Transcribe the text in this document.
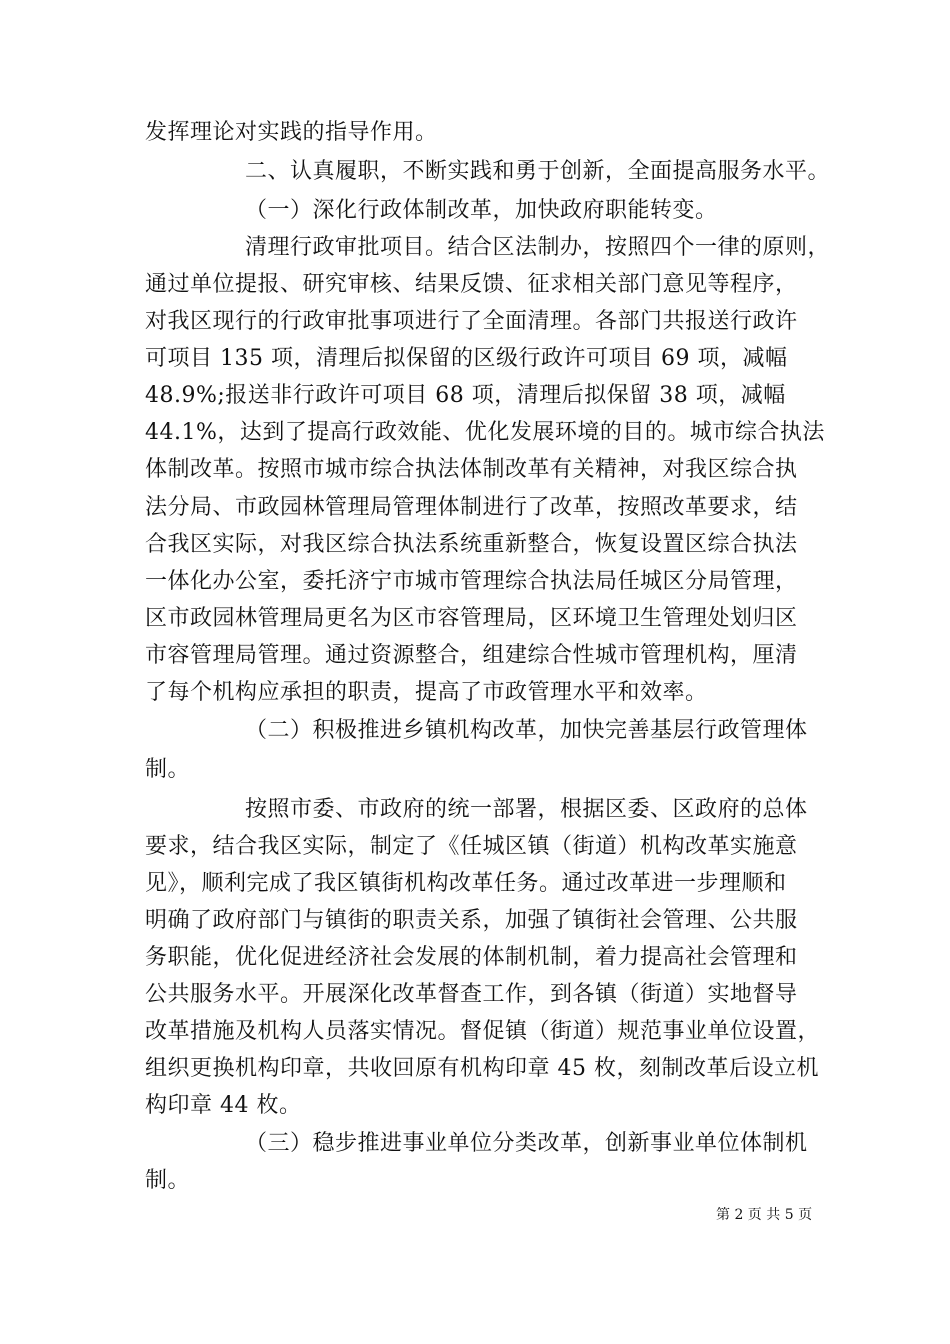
发挥理论对实践的指导作用。
二、认真履职，不断实践和勇于创新，全面提高服务水平。
（一）深化行政体制改革，加快政府职能转变。
清理行政审批项目。结合区法制办，按照四个一律的原则，
通过单位提报、研究审核、结果反馈、征求相关部门意见等程序，
对我区现行的行政审批事项进行了全面清理。各部门共报送行政许
可项目 135 项，清理后拟保留的区级行政许可项目 69 项，减幅
48.9%;报送非行政许可项目 68 项，清理后拟保留 38 项，减幅
44.1%，达到了提高行政效能、优化发展环境的目的。城市综合执法
体制改革。按照市城市综合执法体制改革有关精神，对我区综合执
法分局、市政园林管理局管理体制进行了改革，按照改革要求，结
合我区实际，对我区综合执法系统重新整合，恢复设置区综合执法
一体化办公室，委托济宁市城市管理综合执法局任城区分局管理，
区市政园林管理局更名为区市容管理局，区环境卫生管理处划归区
市容管理局管理。通过资源整合，组建综合性城市管理机构，厘清
了每个机构应承担的职责，提高了市政管理水平和效率。
（二）积极推进乡镇机构改革，加快完善基层行政管理体
制。
按照市委、市政府的统一部署，根据区委、区政府的总体
要求，结合我区实际，制定了《任城区镇（街道）机构改革实施意
见》，顺利完成了我区镇街机构改革任务。通过改革进一步理顺和
明确了政府部门与镇街的职责关系，加强了镇街社会管理、公共服
务职能，优化促进经济社会发展的体制机制，着力提高社会管理和
公共服务水平。开展深化改革督查工作，到各镇（街道）实地督导
改革措施及机构人员落实情况。督促镇（街道）规范事业单位设置，
组织更换机构印章，共收回原有机构印章 45 枚，刻制改革后设立机
构印章 44 枚。
（三）稳步推进事业单位分类改革，创新事业单位体制机
制。
第 2 页 共 5 页
